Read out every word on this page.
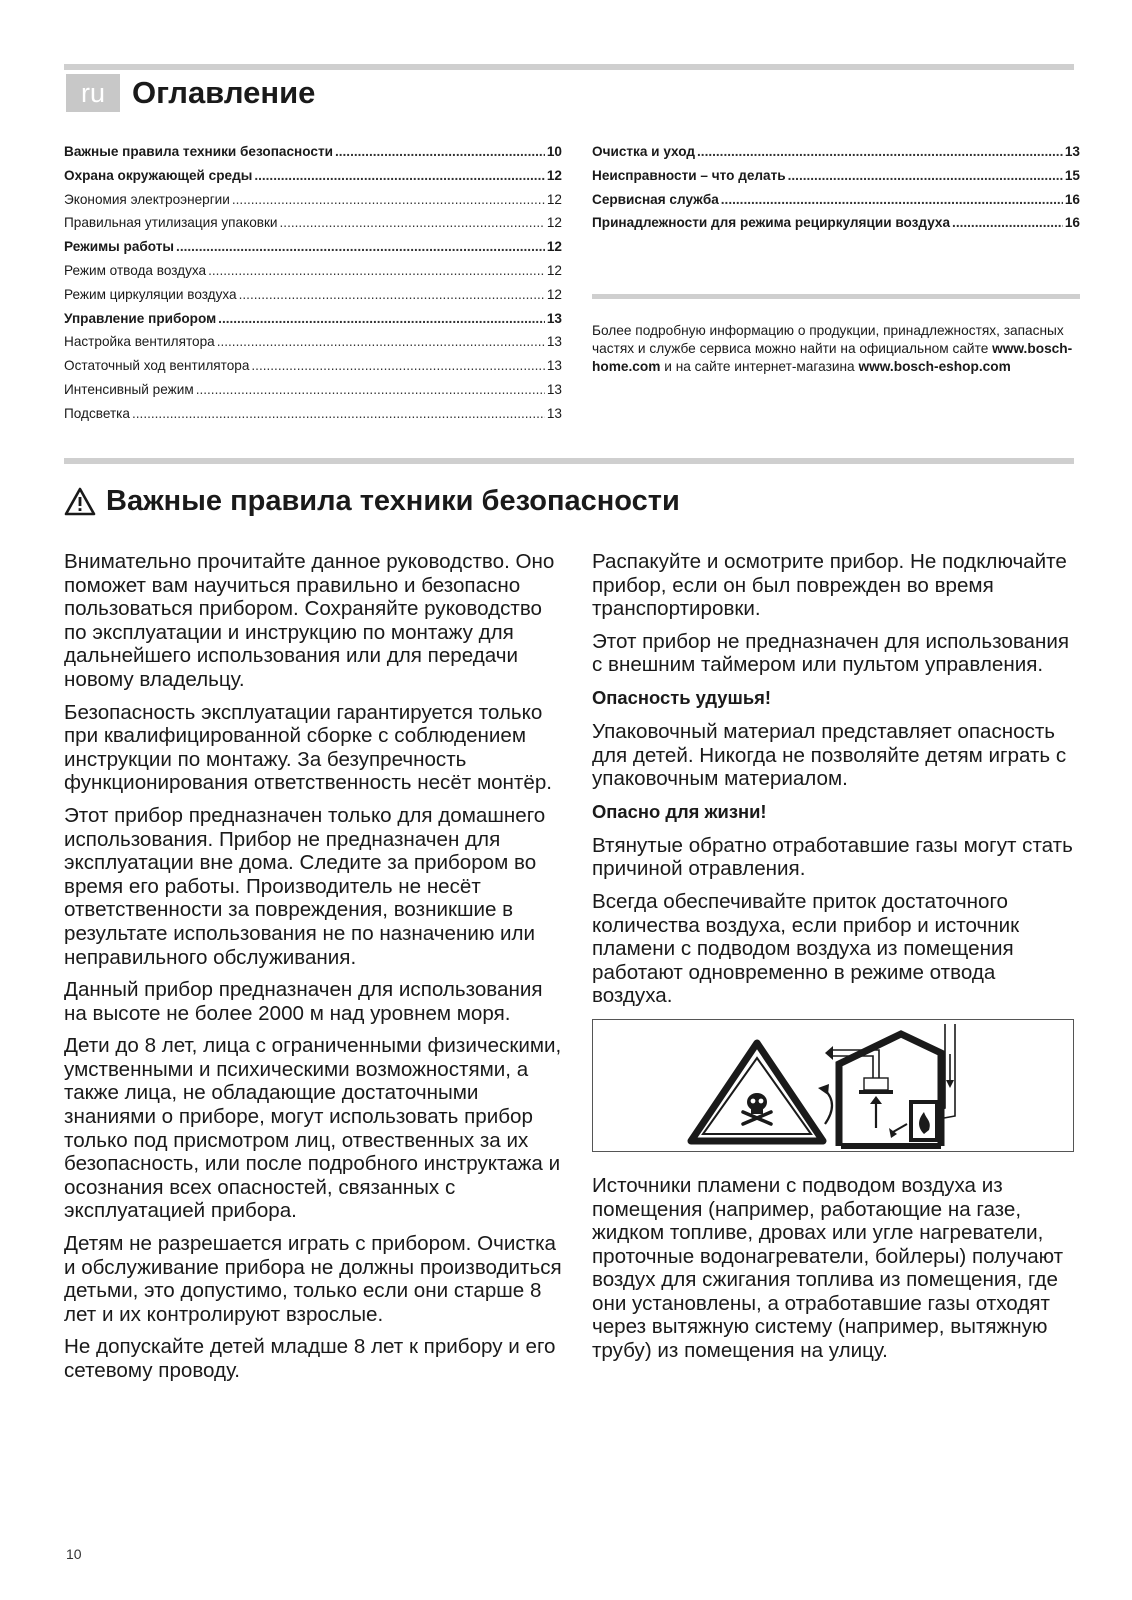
ru Оглавление
Важные правила техники безопасности .....	10
Охрана окружающей среды .....	12
Экономия электроэнергии .....	12
Правильная утилизация упаковки .....	12
Режимы работы .....	12
Режим отвода воздуха .....	12
Режим циркуляции воздуха .....	12
Управление прибором .....	13
Настройка вентилятора .....	13
Остаточный ход вентилятора .....	13
Интенсивный режим .....	13
Подсветка .....	13
Очистка и уход .....	13
Неисправности – что делать .....	15
Сервисная служба .....	16
Принадлежности для режима рециркуляции воздуха .....	16

Более подробную информацию о продукции, принадлежностях, запасных частях и службе сервиса можно найти на официальном сайте www.bosch-home.com и на сайте интернет-магазина www.bosch-eshop.com

Важные правила техники безопасности

Внимательно прочитайте данное руководство. Оно поможет вам научиться правильно и безопасно пользоваться прибором. Сохраняйте руководство по эксплуатации и инструкцию по монтажу для дальнейшего использования или для передачи новому владельцу.

Безопасность эксплуатации гарантируется только при квалифицированной сборке с соблюдением инструкции по монтажу. За безупречность функционирования ответственность несёт монтёр.

Этот прибор предназначен только для домашнего использования. Прибор не предназначен для эксплуатации вне дома. Следите за прибором во время его работы. Производитель не несёт ответственности за повреждения, возникшие в результате использования не по назначению или неправильного обслуживания.

Данный прибор предназначен для использования на высоте не более 2000 м над уровнем моря.

Дети до 8 лет, лица с ограниченными физическими, умственными и психическими возможностями, а также лица, не обладающие достаточными знаниями о приборе, могут использовать прибор только под присмотром лиц, отвественных за их безопасность, или после подробного инструктажа и осознания всех опасностей, связанных с эксплуатацией прибора.

Детям не разрешается играть с прибором. Очистка и обслуживание прибора не должны производиться детьми, это допустимо, только если они старше 8 лет и их контролируют взрослые.

Не допускайте детей младше 8 лет к прибору и его сетевому проводу.

Распакуйте и осмотрите прибор. Не подключайте прибор, если он был поврежден во время транспортировки.

Этот прибор не предназначен для использования с внешним таймером или пультом управления.

Опасность удушья!

Упаковочный материал представляет опасность для детей. Никогда не позволяйте детям играть с упаковочным материалом.

Опасно для жизни!

Втянутые обратно отработавшие газы могут стать причиной отравления.

Всегда обеспечивайте приток достаточного количества воздуха, если прибор и источник пламени с подводом воздуха из помещения работают одновременно в режиме отвода воздуха.

Источники пламени с подводом воздуха из помещения (например, работающие на газе, жидком топливе, дровах или угле нагреватели, проточные водонагреватели, бойлеры) получают воздух для сжигания топлива из помещения, где они установлены, а отработавшие газы отходят через вытяжную систему (например, вытяжную трубу) из помещения на улицу.

10
